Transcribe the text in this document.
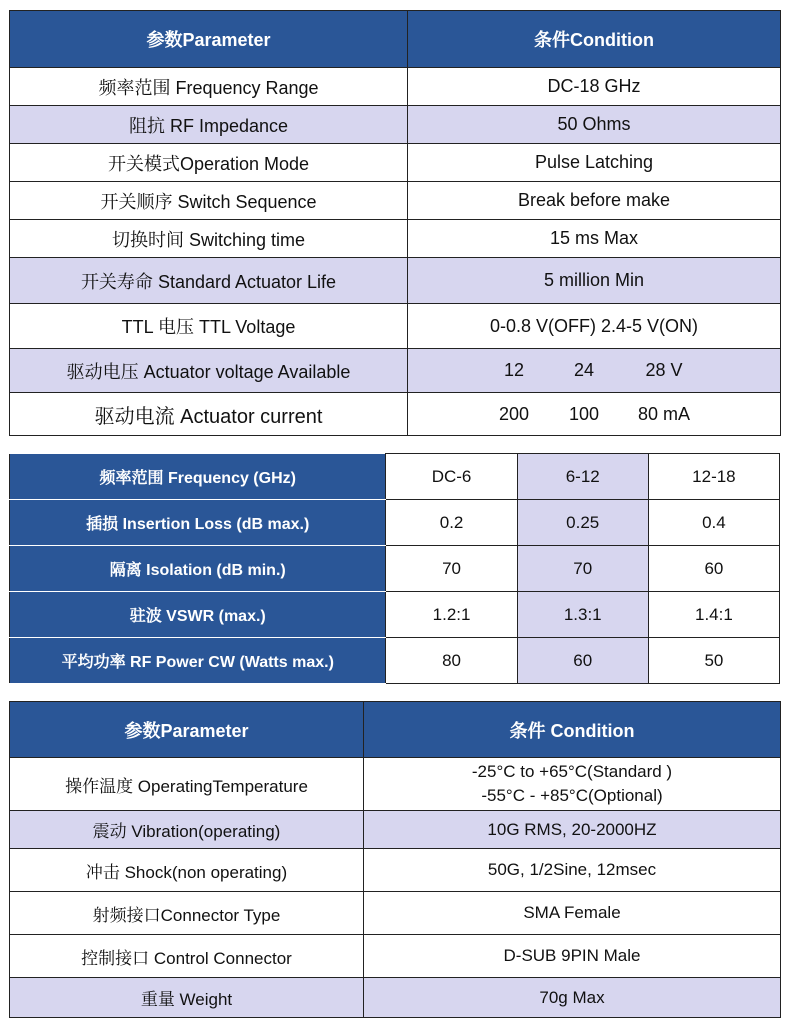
参数Parameter	条件Condition
频率范围 Frequency Range	DC-18 GHz
阻抗 RF Impedance	50 Ohms
开关模式Operation Mode	Pulse Latching
开关顺序 Switch Sequence	Break before make
切换时间 Switching time	15 ms Max
开关寿命 Standard Actuator Life	5 million Min
TTL 电压 TTL Voltage	0-0.8 V(OFF) 2.4-5 V(ON)
驱动电压 Actuator voltage Available	12 24 28 V
驱动电流 Actuator current	200 100 80 mA
频率范围 Frequency (GHz)	DC-6	6-12	12-18
插损 Insertion Loss (dB max.)	0.2	0.25	0.4
隔离 Isolation (dB min.)	70	70	60
驻波 VSWR (max.)	1.2:1	1.3:1	1.4:1
平均功率 RF Power CW (Watts max.)	80	60	50
参数Parameter	条件 Condition
操作温度 OperatingTemperature	-25°C to +65°C(Standard )
-55°C - +85°C(Optional)

震动 Vibration(operating)	10G RMS, 20-2000HZ
冲击 Shock(non operating)	50G, 1/2Sine, 12msec
射频接口Connector Type	SMA Female
控制接口 Control Connector	D-SUB 9PIN Male
重量 Weight	70g Max
